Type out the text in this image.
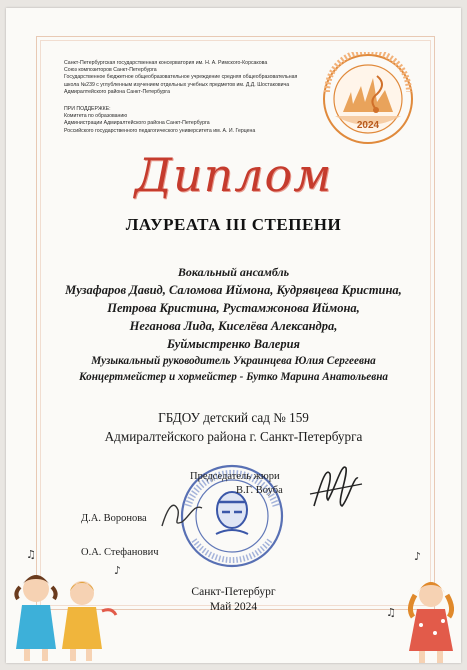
Санкт-Петербургская государственная консерватория им. Н. А. Римского-Корсакова
Союз композиторов Санкт-Петербурга
Государственное бюджетное общеобразовательное учреждение средняя общеобразовательная
школа №239 с углубленным изучением отдельных учебных предметов им. Д.Д. Шостаковича
Адмиралтейского района Санкт-Петербурга
ПРИ ПОДДЕРЖКЕ:
Комитета по образованию
Администрации Адмиралтейского района Санкт-Петербурга
Российского государственного педагогического университета им. А. И. Герцена	2024
Диплом
ЛАУРЕАТА III СТЕПЕНИ
Вокальный ансамбль
Музафаров Давид, Саломова Иймона, Кудрявцева Кристина,
Петрова Кристина, Рустамжонова Иймона,
Неганова Лида, Киселёва Александра,
Буймыстренко Валерия
Музыкальный руководитель Украинцева Юлия Сергеевна
Концертмейстер и хормейстер - Бутко Марина Анатольевна
ГБДОУ детский сад № 159
Адмиралтейского района г. Санкт-Петербурга
Председатель жюри
В.Г. Воуба
Д.А. Воронова
О.А. Стефанович
Санкт-Петербург
Май 2024
♪
♫	♪
♫
